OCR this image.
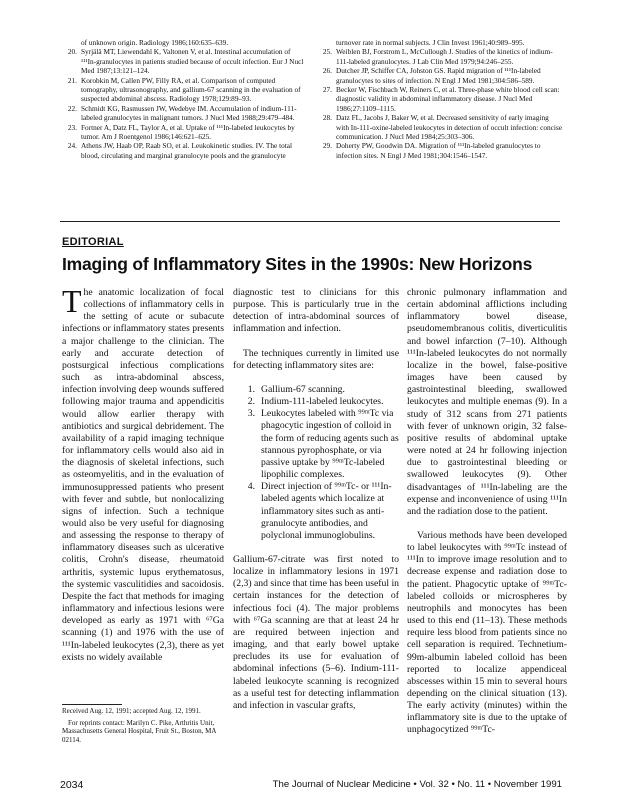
of unknown origin. Radiology 1986;160:635–639.
20. Syrjälä MT, Liewendahl K, Valtonen V, et al. Intestinal accumulation of ¹¹¹In-granulocytes in patients studied because of occult infection. Eur J Nucl Med 1987;13:121–124.
21. Korobkin M, Callen PW, Filly RA, et al. Comparison of computed tomography, ultrasonography, and gallium-67 scanning in the evaluation of suspected abdominal abscess. Radiology 1978;129:89–93.
22. Schmidt KG, Rasmussen JW, Wedebye IM. Accumulation of indium-111-labeled granulocytes in malignant tumors. J Nucl Med 1988;29:479–484.
23. Fortner A, Datz FL, Taylor A, et al. Uptake of ¹¹¹In-labeled leukocytes by tumor. Am J Roentgenol 1986;146:621–625.
24. Athens JW, Haab OP, Raab SO, et al. Leukokinetic studies. IV. The total blood, circulating and marginal granulocyte pools and the granulocyte
turnover rate in normal subjects. J Clin Invest 1961;40:989–995.
25. Weiblen BJ, Forstrom L, McCullough J. Studies of the kinetics of indium-111-labeled granulocytes. J Lab Clin Med 1979;94:246–255.
26. Dutcher JP, Schiffer CA, Johston GS. Rapid migration of ¹¹¹In-labeled granulocytes to sites of infection. N Engl J Med 1981;304:586–589.
27. Becker W, Fischbach W, Reiners C, et al. Three-phase white blood cell scan: diagnostic validity in abdominal inflammatory disease. J Nucl Med 1986;27:1109–1115.
28. Datz FL, Jacobs J, Baker W, et al. Decreased sensitivity of early imaging with In-111-oxine-labeled leukocytes in detection of occult infection: concise communication. J Nucl Med 1984;25:303–306.
29. Doherty PW, Goodwin DA. Migration of ¹¹¹In-labeled granulocytes to infection sites. N Engl J Med 1981;304:1546–1547.
EDITORIAL
Imaging of Inflammatory Sites in the 1990s: New Horizons

The anatomic localization of focal collections of inflammatory cells in the setting of acute or subacute infections or inflammatory states presents a major challenge to the clinician. The early and accurate detection of postsurgical infectious complications such as intra-abdominal abscess, infection involving deep wounds suffered following major trauma and appendicitis would allow earlier therapy with antibiotics and surgical debridement. The availability of a rapid imaging technique for inflammatory cells would also aid in the diagnosis of skeletal infections, such as osteomyelitis, and in the evaluation of immunosuppressed patients who present with fever and subtle, but nonlocalizing signs of infection. Such a technique would also be very useful for diagnosing and assessing the response to therapy of inflammatory diseases such as ulcerative colitis, Crohn's disease, rheumatoid arthritis, systemic lupus erythematosus, the systemic vasculitidies and sacoidosis. Despite the fact that methods for imaging inflammatory and infectious lesions were developed as early as 1971 with ⁶⁷Ga scanning (1) and 1976 with the use of ¹¹¹In-labeled leukocytes (2,3), there as yet exists no widely available

Received Aug. 12, 1991; accepted Aug. 12, 1991.
For reprints contact: Marilyn C. Pike, Arthritis Unit, Massachusetts General Hospital, Fruit St., Boston, MA 02114.

diagnostic test to clinicians for this purpose. This is particularly true in the detection of intra-abdominal sources of inflammation and infection.

The techniques currently in limited use for detecting inflammatory sites are:

1. Gallium-67 scanning.
2. Indium-111-labeled leukocytes.
3. Leukocytes labeled with ⁹⁹ᵐTc via phagocytic ingestion of colloid in the form of reducing agents such as stannous pyrophosphate, or via passive uptake by ⁹⁹ᵐTc-labeled lipophilic complexes.
4. Direct injection of ⁹⁹ᵐTc- or ¹¹¹In-labeled agents which localize at inflammatory sites such as anti-granulocyte antibodies, and polyclonal immunoglobulins.

Gallium-67-citrate was first noted to localize in inflammatory lesions in 1971 (2,3) and since that time has been useful in certain instances for the detection of infectious foci (4). The major problems with ⁶⁷Ga scanning are that at least 24 hr are required between injection and imaging, and that early bowel uptake precludes its use for evaluation of abdominal infections (5–6). Indium-111-labeled leukocyte scanning is recognized as a useful test for detecting inflammation and infection in vascular grafts,

chronic pulmonary inflammation and certain abdominal afflictions including inflammatory bowel disease, pseudomembranous colitis, diverticulitis and bowel infarction (7–10). Although ¹¹¹In-labeled leukocytes do not normally localize in the bowel, false-positive images have been caused by gastrointestinal bleeding, swallowed leukocytes and multiple enemas (9). In a study of 312 scans from 271 patients with fever of unknown origin, 32 false-positive results of abdominal uptake were noted at 24 hr following injection due to gastrointestinal bleeding or swallowed leukocytes (9). Other disadvantages of ¹¹¹In-labeling are the expense and inconvenience of using ¹¹¹In and the radiation dose to the patient.

Various methods have been developed to label leukocytes with ⁹⁹ᵐTc instead of ¹¹¹In to improve image resolution and to decrease expense and radiation dose to the patient. Phagocytic uptake of ⁹⁹ᵐTc-labeled colloids or microspheres by neutrophils and monocytes has been used to this end (11–13). These methods require less blood from patients since no cell separation is required. Technetium-99m-albumin labeled colloid has been reported to localize appendiceal abscesses within 15 min to several hours depending on the clinical situation (13). The early activity (minutes) within the inflammatory site is due to the uptake of unphagocytized ⁹⁹ᵐTc-

2034	The Journal of Nuclear Medicine • Vol. 32 • No. 11 • November 1991
